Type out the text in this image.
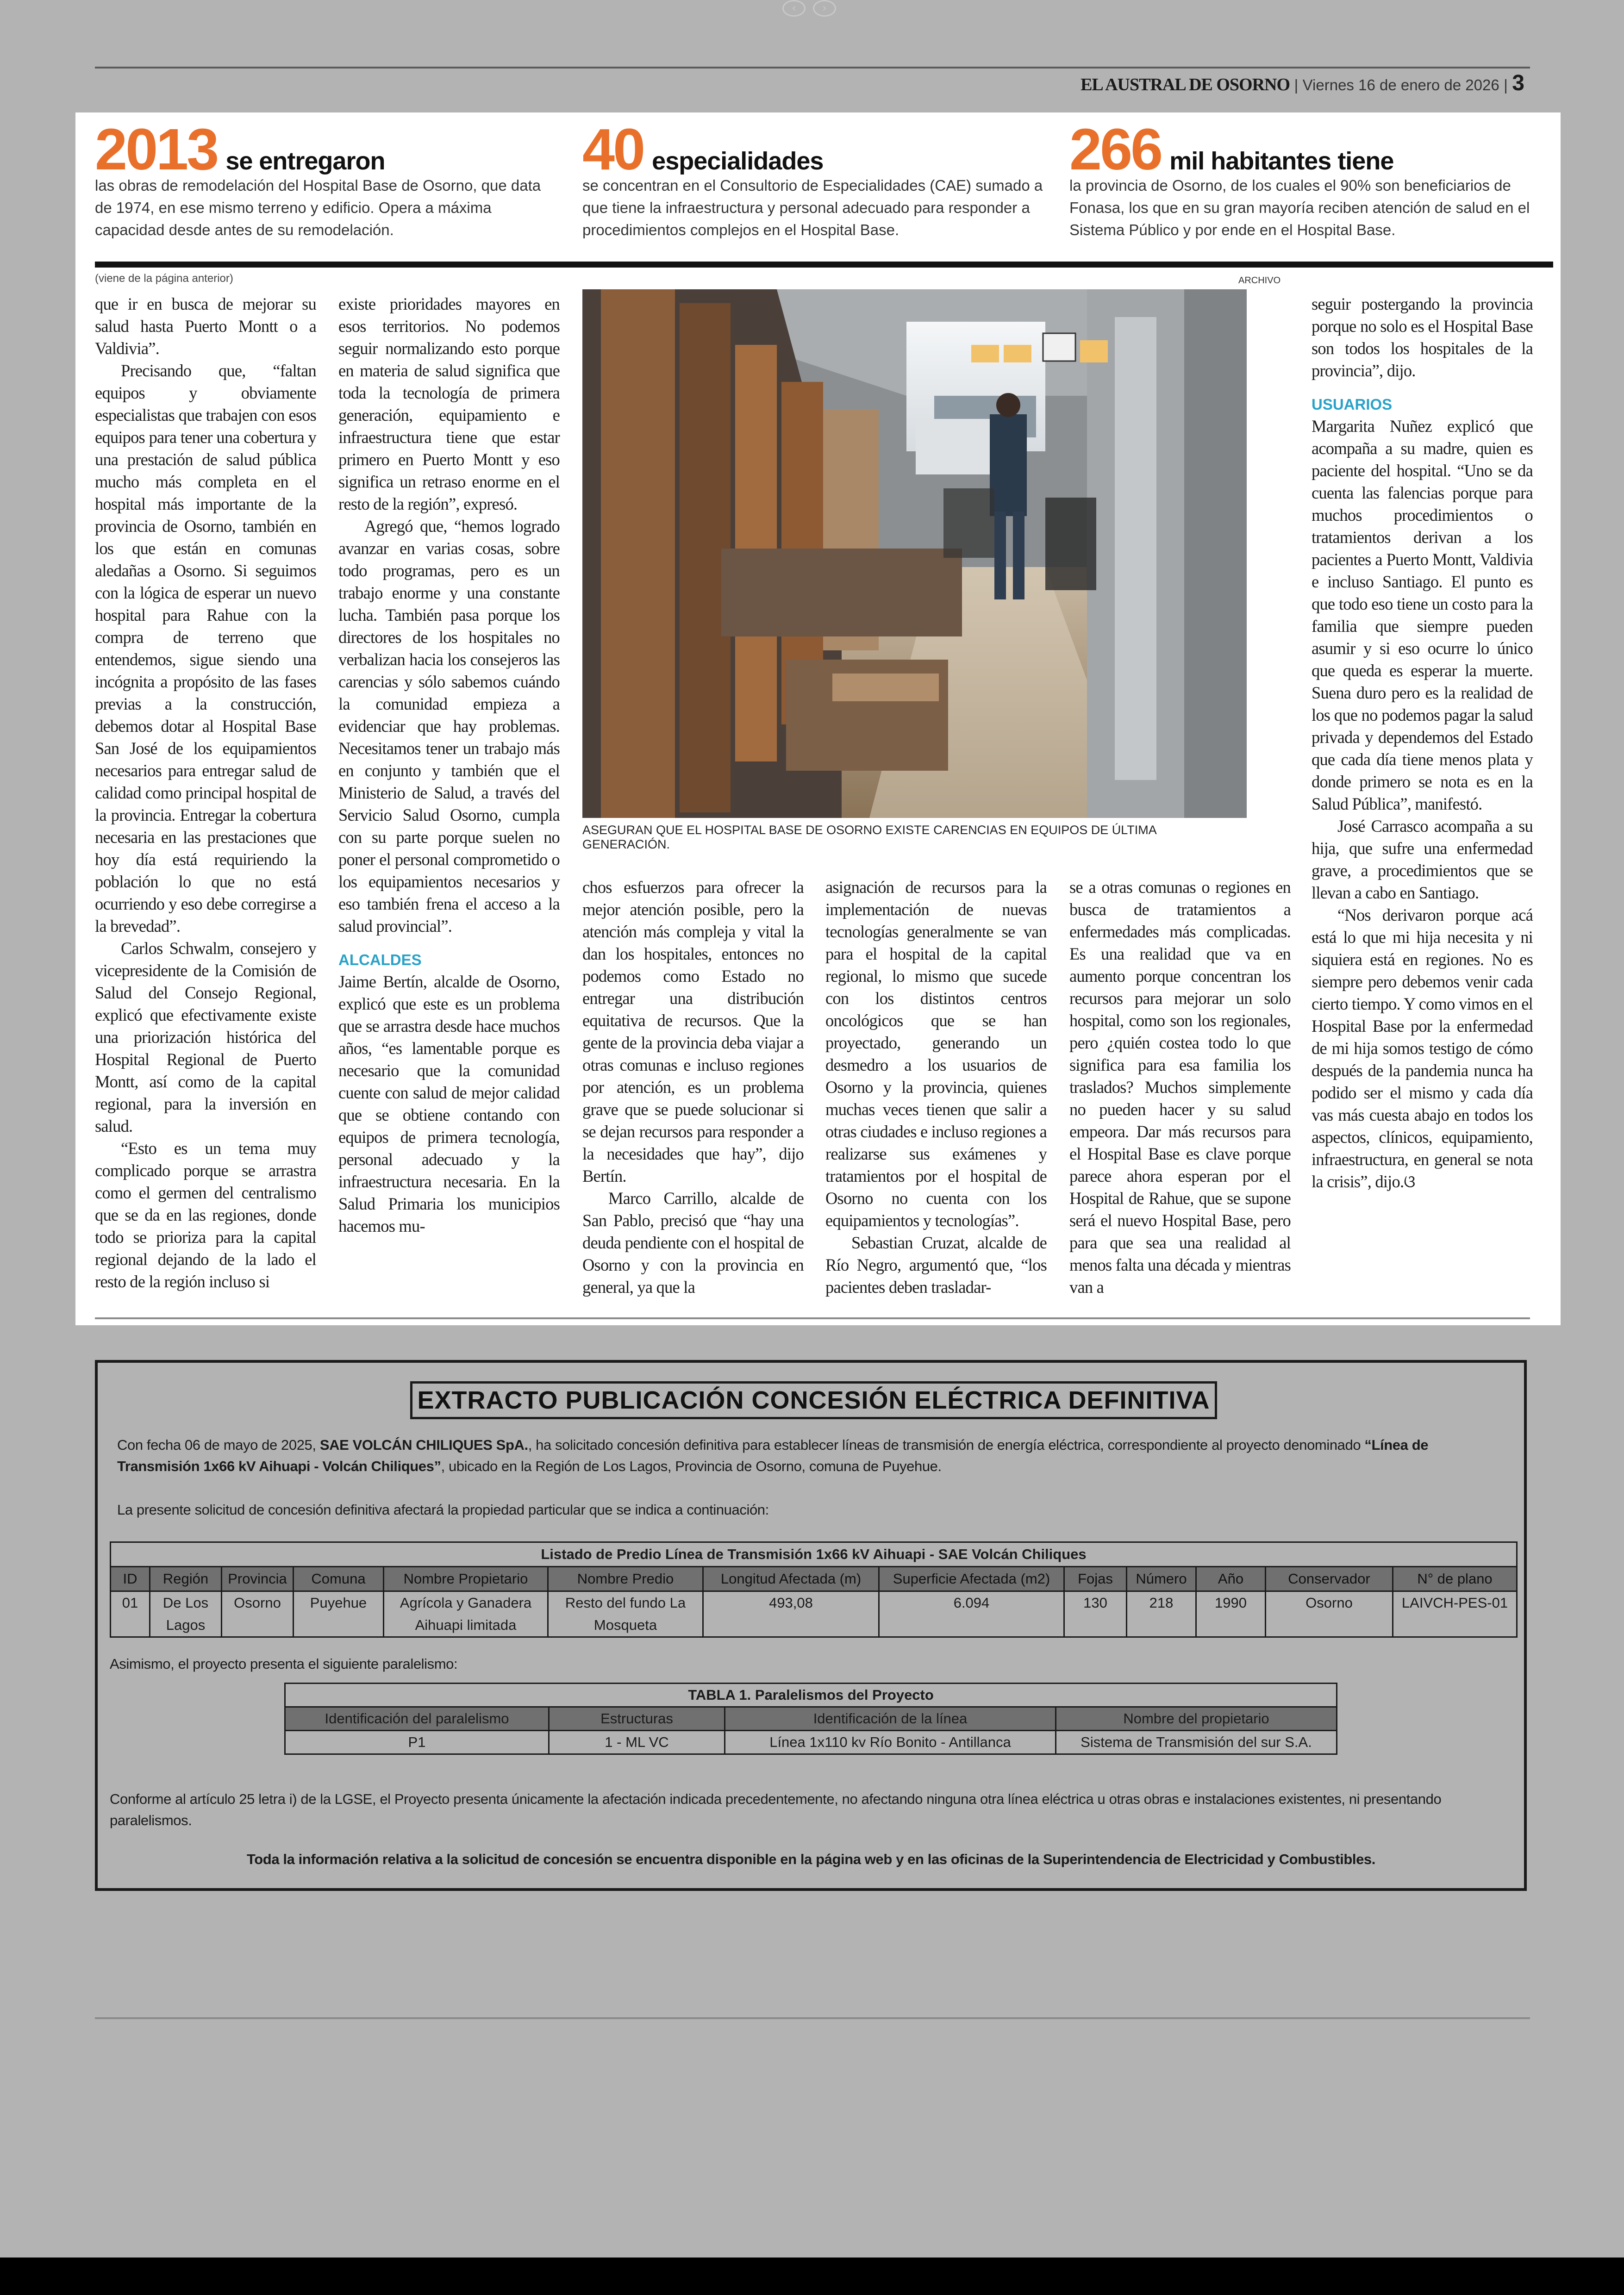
‹	›
EL AUSTRAL DE OSORNO | Viernes 16 de enero de 2026 | 3
2013 se entregaron
las obras de remodelación del Hospital Base de Osorno, que data de 1974, en ese mismo terreno y edificio. Opera a máxima capacidad desde antes de su remodelación.
40 especialidades
se concentran en el Consultorio de Especialidades (CAE) sumado a que tiene la infraestructura y personal adecuado para responder a procedimientos complejos en el Hospital Base.
266 mil habitantes tiene
la provincia de Osorno, de los cuales el 90% son beneficiarios de Fonasa, los que en su gran mayoría reciben atención de salud en el Sistema Público y por ende en el Hospital Base.
(viene de la página anterior)	ARCHIVO

que ir en busca de mejorar su salud hasta Puerto Montt o a Valdivia”.

Precisando que, “faltan equipos y obviamente especialistas que trabajen con esos equipos para tener una cobertura y una prestación de salud pública mucho más completa en el hospital más importante de la provincia de Osorno, también en los que están en comunas aledañas a Osorno. Si seguimos con la lógica de esperar un nuevo hospital para Rahue con la compra de terreno que entendemos, sigue siendo una incógnita a propósito de las fases previas a la construcción, debemos dotar al Hospital Base San José de los equipamientos necesarios para entregar salud de calidad como principal hospital de la provincia. Entregar la cobertura necesaria en las prestaciones que hoy día está requiriendo la población lo que no está ocurriendo y eso debe corregirse a la brevedad”.

Carlos Schwalm, consejero y vicepresidente de la Comisión de Salud del Consejo Regional, explicó que efectivamente existe una priorización histórica del Hospital Regional de Puerto Montt, así como de la capital regional, para la inversión en salud.

“Esto es un tema muy complicado porque se arrastra como el germen del centralismo que se da en las regiones, donde todo se prioriza para la capital regional dejando de la lado el resto de la región incluso si

existe prioridades mayores en esos territorios. No podemos seguir normalizando esto porque en materia de salud significa que toda la tecnología de primera generación, equipamiento e infraestructura tiene que estar primero en Puerto Montt y eso significa un retraso enorme en el resto de la región”, expresó.

Agregó que, “hemos logrado avanzar en varias cosas, sobre todo programas, pero es un trabajo enorme y una constante lucha. También pasa porque los directores de los hospitales no verbalizan hacia los consejeros las carencias y sólo sabemos cuándo la comunidad empieza a evidenciar que hay problemas. Necesitamos tener un trabajo más en conjunto y también que el Ministerio de Salud, a través del Servicio Salud Osorno, cumpla con su parte porque suelen no poner el personal comprometido o los equipamientos necesarios y eso también frena el acceso a la salud provincial”.

ALCALDES

Jaime Bertín, alcalde de Osorno, explicó que este es un problema que se arrastra desde hace muchos años, “es lamentable porque es necesario que la comunidad cuente con salud de mejor calidad que se obtiene contando con equipos de primera tecnología, personal adecuado y la infraestructura necesaria. En la Salud Primaria los municipios hacemos mu-

ASEGURAN QUE EL HOSPITAL BASE DE OSORNO EXISTE CARENCIAS EN EQUIPOS DE ÚLTIMA GENERACIÓN.

chos esfuerzos para ofrecer la mejor atención posible, pero la atención más compleja y vital la dan los hospitales, entonces no podemos como Estado no entregar una distribución equitativa de recursos. Que la gente de la provincia deba viajar a otras comunas e incluso regiones por atención, es un problema grave que se puede solucionar si se dejan recursos para responder a la necesidades que hay”, dijo Bertín.

Marco Carrillo, alcalde de San Pablo, precisó que “hay una deuda pendiente con el hospital de Osorno y con la provincia en general, ya que la

asignación de recursos para la implementación de nuevas tecnologías generalmente se van para el hospital de la capital regional, lo mismo que sucede con los distintos centros oncológicos que se han proyectado, generando un desmedro a los usuarios de Osorno y la provincia, quienes muchas veces tienen que salir a otras ciudades e incluso regiones a realizarse sus exámenes y tratamientos por el hospital de Osorno no cuenta con los equipamientos y tecnologías”.

Sebastian Cruzat, alcalde de Río Negro, argumentó que, “los pacientes deben trasladar-

se a otras comunas o regiones en busca de tratamientos a enfermedades más complicadas. Es una realidad que va en aumento porque concentran los recursos para mejorar un solo hospital, como son los regionales, pero ¿quién costea todo lo que significa para esa familia los traslados? Muchos simplemente no pueden hacer y su salud empeora. Dar más recursos para el Hospital Base es clave porque parece ahora esperan por el Hospital de Rahue, que se supone será el nuevo Hospital Base, pero para que sea una realidad al menos falta una década y mientras van a

seguir postergando la provincia porque no solo es el Hospital Base son todos los hospitales de la provincia”, dijo.

USUARIOS

Margarita Nuñez explicó que acompaña a su madre, quien es paciente del hospital. “Uno se da cuenta las falencias porque para muchos procedimientos o tratamientos derivan a los pacientes a Puerto Montt, Valdivia e incluso Santiago. El punto es que todo eso tiene un costo para la familia que siempre pueden asumir y si eso ocurre lo único que queda es esperar la muerte. Suena duro pero es la realidad de los que no podemos pagar la salud privada y dependemos del Estado que cada día tiene menos plata y donde primero se nota es en la Salud Pública”, manifestó.

José Carrasco acompaña a su hija, que sufre una enfermedad grave, a procedimientos que se llevan a cabo en Santiago.

“Nos derivaron porque acá está lo que mi hija necesita y ni siquiera está en regiones. No es siempre pero debemos venir cada cierto tiempo. Y como vimos en el Hospital Base por la enfermedad de mi hija somos testigo de cómo después de la pandemia nunca ha podido ser el mismo y cada día vas más cuesta abajo en todos los aspectos, clínicos, equipamiento, infraestructura, en general se nota la crisis”, dijo.ଓ

EXTRACTO PUBLICACIÓN CONCESIÓN ELÉCTRICA DEFINITIVA
Con fecha 06 de mayo de 2025, SAE VOLCÁN CHILIQUES SpA., ha solicitado concesión definitiva para establecer líneas de transmisión de energía eléctrica, correspondiente al proyecto denominado “Línea de Transmisión 1x66 kV Aihuapi - Volcán Chiliques”, ubicado en la Región de Los Lagos, Provincia de Osorno, comuna de Puyehue.
La presente solicitud de concesión definitiva afectará la propiedad particular que se indica a continuación:
Listado de Predio Línea de Transmisión 1x66 kV Aihuapi - SAE Volcán Chiliques												
ID	Región	Provincia	Comuna	Nombre Propietario	Nombre Predio	Longitud Afectada (m)	Superficie Afectada (m2)	Fojas	Número	Año	Conservador	N° de plano
01	De Los Lagos	Osorno	Puyehue	Agrícola y Ganadera Aihuapi limitada	Resto del fundo La Mosqueta	493,08	6.094	130	218	1990	Osorno	LAIVCH-PES-01
Asimismo, el proyecto presenta el siguiente paralelismo:
TABLA 1. Paralelismos del Proyecto			
Identificación del paralelismo	Estructuras	Identificación de la línea	Nombre del propietario
P1	1 - ML VC	Línea 1x110 kv Río Bonito - Antillanca	Sistema de Transmisión del sur S.A.
Conforme al artículo 25 letra i) de la LGSE, el Proyecto presenta únicamente la afectación indicada precedentemente, no afectando ninguna otra línea eléctrica u otras obras e instalaciones existentes, ni presentando paralelismos.
Toda la información relativa a la solicitud de concesión se encuentra disponible en la página web y en las oficinas de la Superintendencia de Electricidad y Combustibles.
